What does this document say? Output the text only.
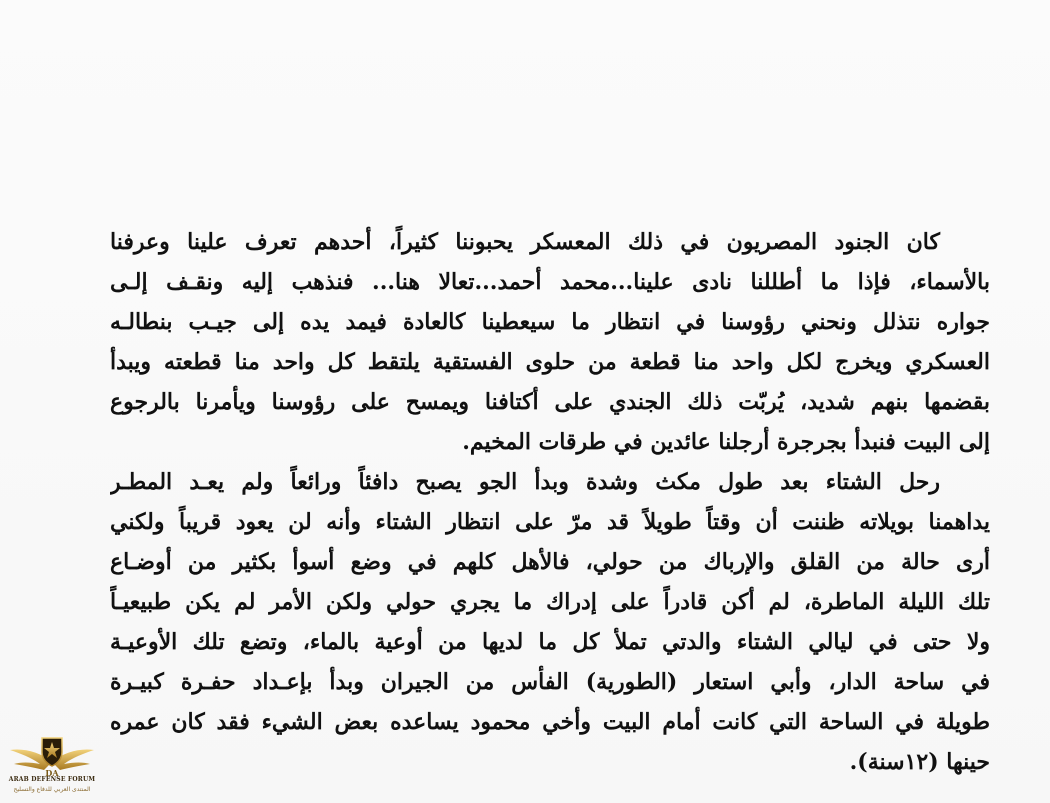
كان الجنود المصريون في ذلك المعسكر يحبوننا كثيراً، أحدهم تعرف علينا وعرفنا
بالأسماء، فإذا ما أطللنا نادى علينا...محمد أحمد...تعالا هنا... فنذهب إليه ونقـف إلـى
جواره نتذلل ونحني رؤوسنا في انتظار ما سيعطينا كالعادة فيمد يده إلى جيـب بنطالـه
العسكري ويخرج لكل واحد منا قطعة من حلوى الفستقية يلتقط كل واحد منا قطعته ويبدأ
بقضمها بنهم شديد، يُربّت ذلك الجندي على أكتافنا ويمسح على رؤوسنا ويأمرنا بالرجوع
إلى البيت فنبدأ بجرجرة أرجلنا عائدين في طرقات المخيم.
رحل الشتاء بعد طول مكث وشدة وبدأ الجو يصبح دافئاً ورائعاً ولم يعـد المطـر
يداهمنا بويلاته ظننت أن وقتاً طويلاً قد مرّ على انتظار الشتاء وأنه لن يعود قريباً ولكني
أرى حالة من القلق والإرباك من حولي، فالأهل كلهم في وضع أسوأ بكثير من أوضـاع
تلك الليلة الماطرة، لم أكن قادراً على إدراك ما يجري حولي ولكن الأمر لم يكن طبيعيـاً
ولا حتى في ليالي الشتاء والدتي تملأ كل ما لديها من أوعية بالماء، وتضع تلك الأوعيـة
في ساحة الدار، وأبي استعار (الطورية) الفأس من الجيران وبدأ بإعـداد حفـرة كبيـرة
طويلة في الساحة التي كانت أمام البيت وأخي محمود يساعده بعض الشيء فقد كان عمره
حينها (١٢سنة).
DA
ARAB DEFENSE FORUM
المنتدى العربي للدفاع والتسليح
